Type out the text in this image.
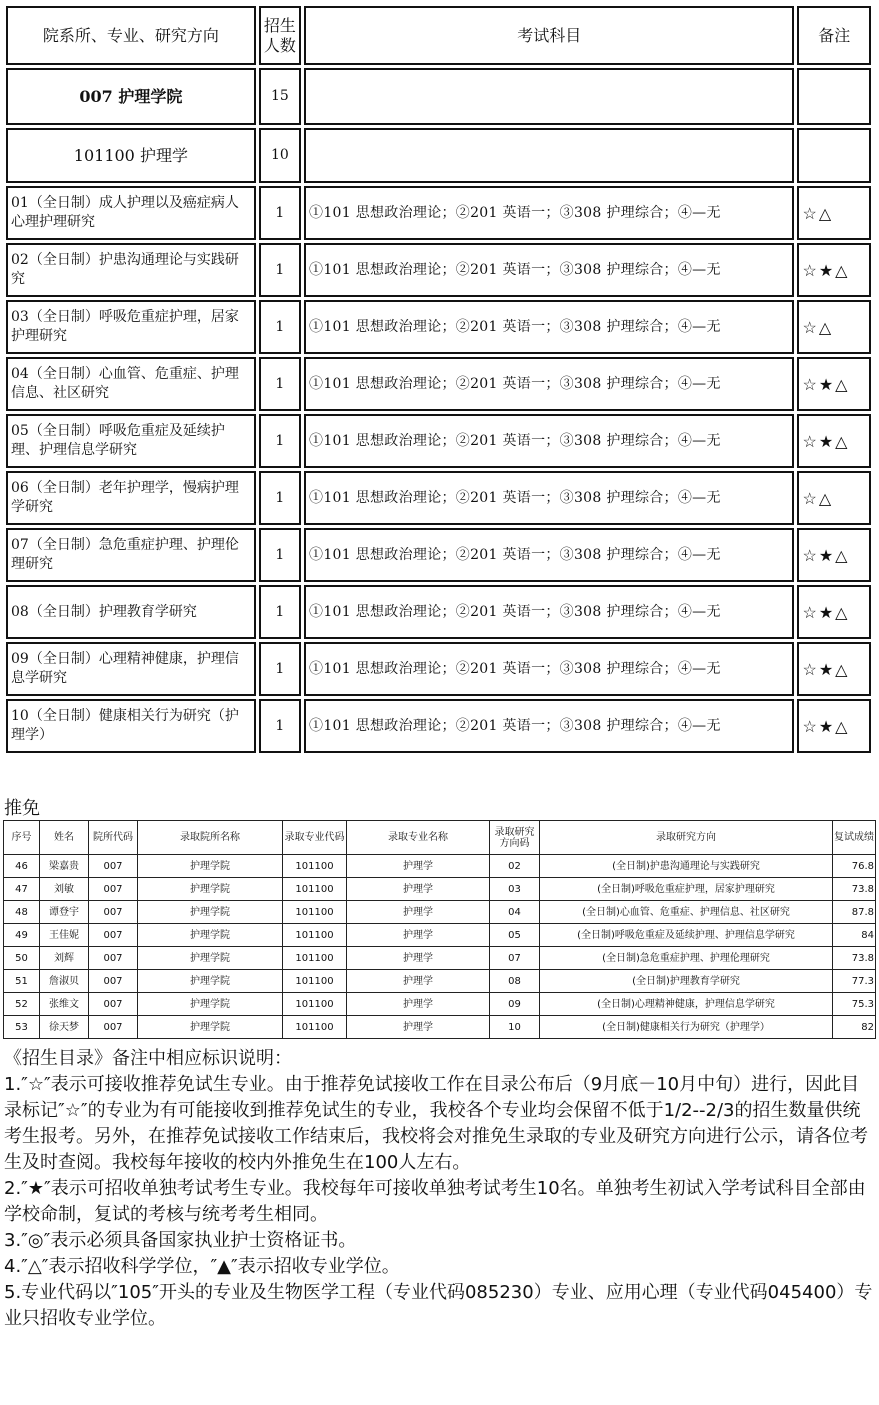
院系所、专业、研究方向	招生人数	考试科目	备注
007 护理学院	15		
101100 护理学	10		
01（全日制）成人护理以及癌症病人心理护理研究	1	①101 思想政治理论；②201 英语一；③308 护理综合；④—无	☆△
02（全日制）护患沟通理论与实践研究	1	①101 思想政治理论；②201 英语一；③308 护理综合；④—无	☆★△
03（全日制）呼吸危重症护理，居家护理研究	1	①101 思想政治理论；②201 英语一；③308 护理综合；④—无	☆△
04（全日制）心血管、危重症、护理信息、社区研究	1	①101 思想政治理论；②201 英语一；③308 护理综合；④—无	☆★△
05（全日制）呼吸危重症及延续护理、护理信息学研究	1	①101 思想政治理论；②201 英语一；③308 护理综合；④—无	☆★△
06（全日制）老年护理学，慢病护理学研究	1	①101 思想政治理论；②201 英语一；③308 护理综合；④—无	☆△
07（全日制）急危重症护理、护理伦理研究	1	①101 思想政治理论；②201 英语一；③308 护理综合；④—无	☆★△
08（全日制）护理教育学研究	1	①101 思想政治理论；②201 英语一；③308 护理综合；④—无	☆★△
09（全日制）心理精神健康，护理信息学研究	1	①101 思想政治理论；②201 英语一；③308 护理综合；④—无	☆★△
10（全日制）健康相关行为研究（护理学）	1	①101 思想政治理论；②201 英语一；③308 护理综合；④—无	☆★△
推免
序号	姓名	院所代码	录取院所名称	录取专业代码	录取专业名称	录取研究方向码	录取研究方向	复试成绩
46	梁嘉贵	007	护理学院	101100	护理学	02	(全日制)护患沟通理论与实践研究	76.8
47	刘敏	007	护理学院	101100	护理学	03	(全日制)呼吸危重症护理，居家护理研究	73.8
48	谭登宇	007	护理学院	101100	护理学	04	(全日制)心血管、危重症、护理信息、社区研究	87.8
49	王佳妮	007	护理学院	101100	护理学	05	(全日制)呼吸危重症及延续护理、护理信息学研究	84
50	刘辉	007	护理学院	101100	护理学	07	(全日制)急危重症护理、护理伦理研究	73.8
51	詹淑贝	007	护理学院	101100	护理学	08	(全日制)护理教育学研究	77.3
52	张维文	007	护理学院	101100	护理学	09	(全日制)心理精神健康，护理信息学研究	75.3
53	徐天梦	007	护理学院	101100	护理学	10	(全日制)健康相关行为研究（护理学）	82

《招生目录》备注中相应标识说明：

1.″☆″表示可接收推荐免试生专业。由于推荐免试接收工作在目录公布后（9月底－10月中旬）进行，因此目录标记″☆″的专业为有可能接收到推荐免试生的专业，我校各个专业均会保留不低于1/2--2/3的招生数量供统考生报考。另外，在推荐免试接收工作结束后，我校将会对推免生录取的专业及研究方向进行公示，请各位考生及时查阅。我校每年接收的校内外推免生在100人左右。

2.″★″表示可招收单独考试考生专业。我校每年可接收单独考试考生10名。单独考生初试入学考试科目全部由学校命制，复试的考核与统考考生相同。

3.″◎″表示必须具备国家执业护士资格证书。

4.″△″表示招收科学学位，″▲″表示招收专业学位。

5.专业代码以″105″开头的专业及生物医学工程（专业代码085230）专业、应用心理（专业代码045400）专业只招收专业学位。
